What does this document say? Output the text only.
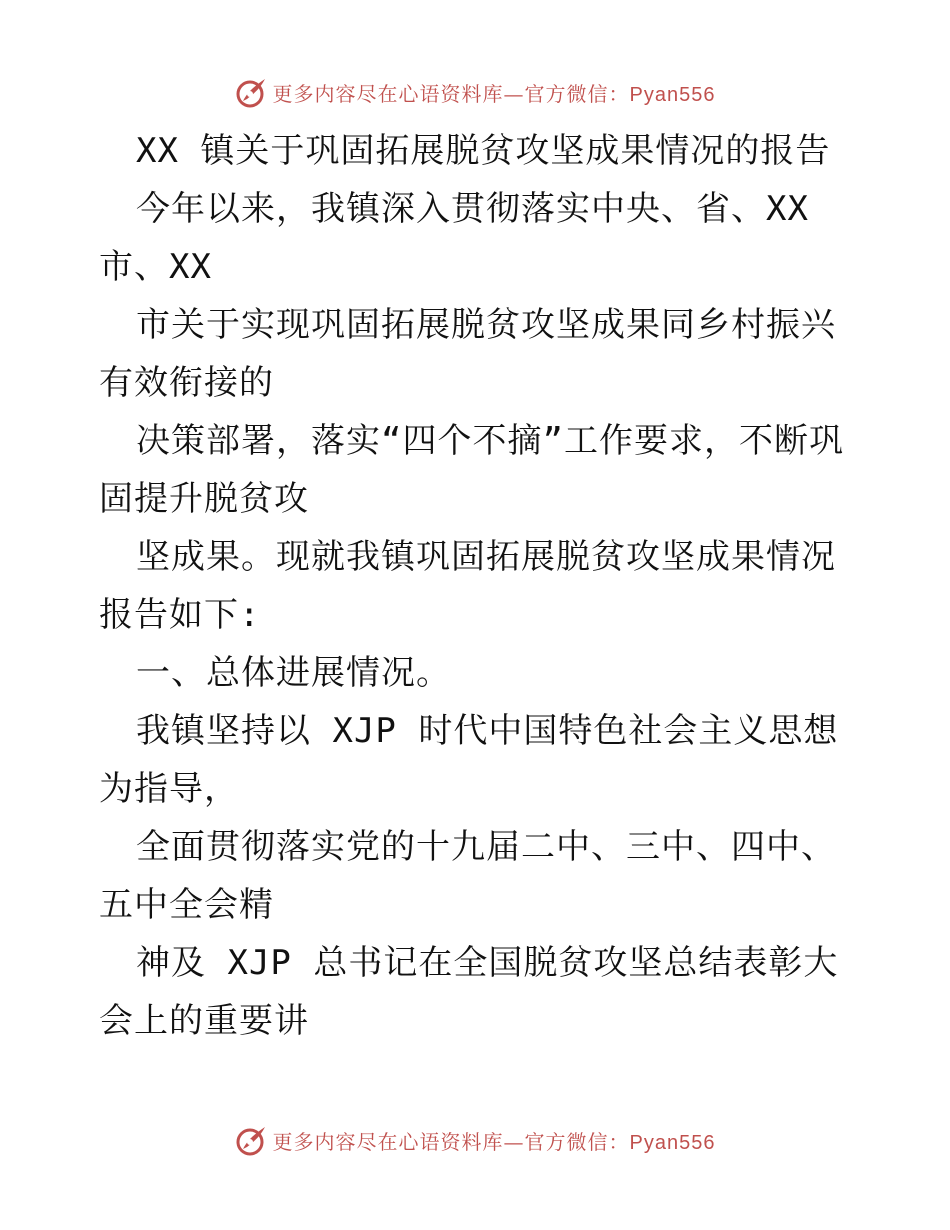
更多内容尽在心语资料库—官方微信：Pyan556

XX 镇关于巩固拓展脱贫攻坚成果情况的报告

今年以来，我镇深入贯彻落实中央、省、XX

市、XX

市关于实现巩固拓展脱贫攻坚成果同乡村振兴有效衔接的

决策部署，落实“四个不摘”工作要求，不断巩固提升脱贫攻

坚成果。现就我镇巩固拓展脱贫攻坚成果情况报告如下:

一、总体进展情况。

我镇坚持以 XJP 时代中国特色社会主义思想为指导，

全面贯彻落实党的十九届二中、三中、四中、五中全会精

神及 XJP 总书记在全国脱贫攻坚总结表彰大会上的重要讲

更多内容尽在心语资料库—官方微信：Pyan556
